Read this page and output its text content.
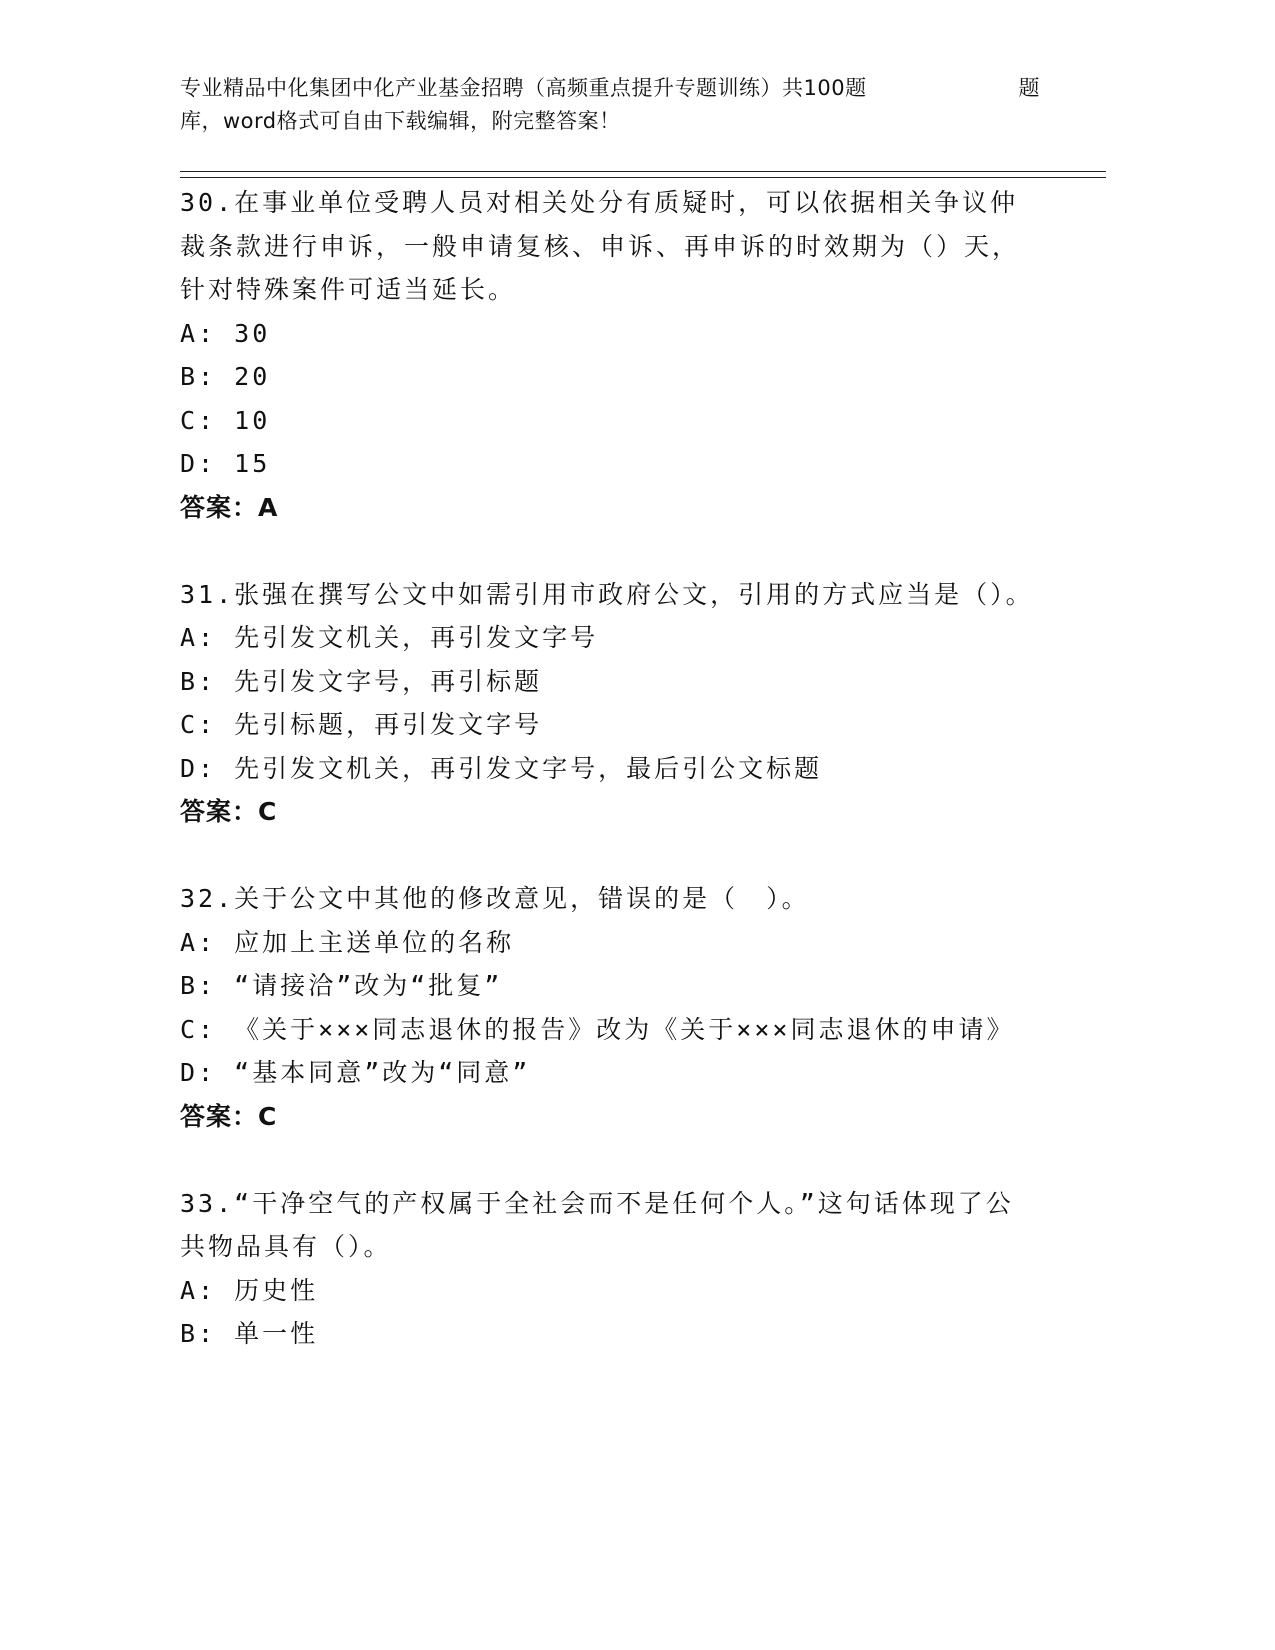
专业精品中化集团中化产业基金招聘（高频重点提升专题训练）共100题	题
库，word格式可自由下载编辑，附完整答案！

30.在事业单位受聘人员对相关处分有质疑时，可以依据相关争议仲裁条款进行申诉，一般申请复核、申诉、再申诉的时效期为（）天，针对特殊案件可适当延长。

A: 30

B: 20

C: 10

D: 15

答案：A

31.张强在撰写公文中如需引用市政府公文，引用的方式应当是（）。

A: 先引发文机关，再引发文字号

B: 先引发文字号，再引标题

C: 先引标题，再引发文字号

D: 先引发文机关，再引发文字号，最后引公文标题

答案：C

32.关于公文中其他的修改意见，错误的是（　）。

A: 应加上主送单位的名称

B: “请接洽”改为“批复”

C: 《关于×××同志退休的报告》改为《关于×××同志退休的申请》

D: “基本同意”改为“同意”

答案：C

33.“干净空气的产权属于全社会而不是任何个人。”这句话体现了公共物品具有（）。

A: 历史性

B: 单一性
